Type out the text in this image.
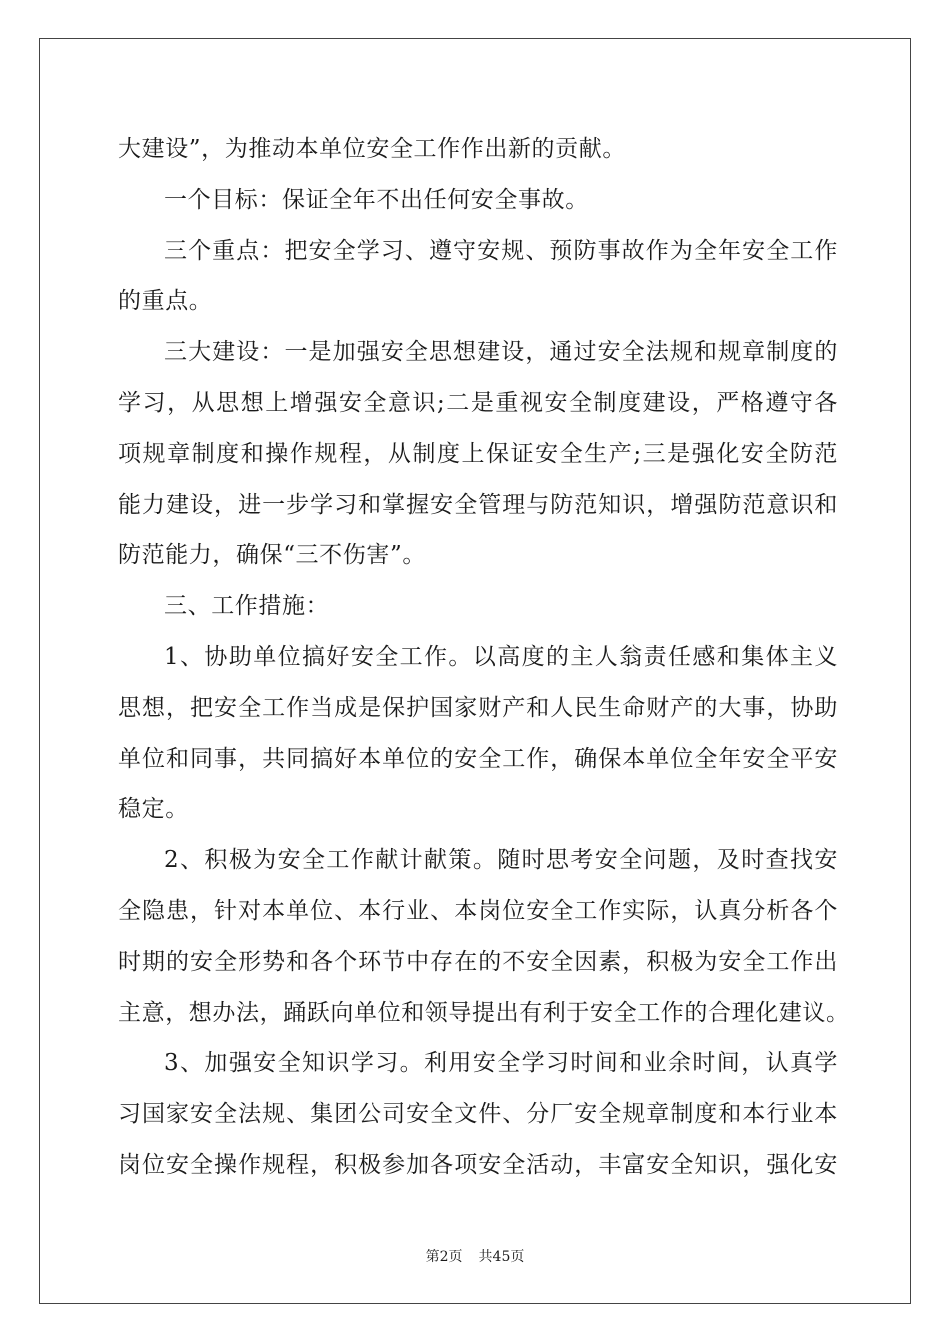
大建设”，为推动本单位安全工作作出新的贡献。
一个目标：保证全年不出任何安全事故。
三个重点：把安全学习、遵守安规、预防事故作为全年安全工作
的重点。
三大建设：一是加强安全思想建设，通过安全法规和规章制度的
学习，从思想上增强安全意识;二是重视安全制度建设，严格遵守各
项规章制度和操作规程，从制度上保证安全生产;三是强化安全防范
能力建设，进一步学习和掌握安全管理与防范知识，增强防范意识和
防范能力，确保“三不伤害”。
三、工作措施：
1、协助单位搞好安全工作。以高度的主人翁责任感和集体主义
思想，把安全工作当成是保护国家财产和人民生命财产的大事，协助
单位和同事，共同搞好本单位的安全工作，确保本单位全年安全平安
稳定。
2、积极为安全工作献计献策。随时思考安全问题，及时查找安
全隐患，针对本单位、本行业、本岗位安全工作实际，认真分析各个
时期的安全形势和各个环节中存在的不安全因素，积极为安全工作出
主意，想办法，踊跃向单位和领导提出有利于安全工作的合理化建议。
3、加强安全知识学习。利用安全学习时间和业余时间，认真学
习国家安全法规、集团公司安全文件、分厂安全规章制度和本行业本
岗位安全操作规程，积极参加各项安全活动，丰富安全知识，强化安
第2页 共45页
